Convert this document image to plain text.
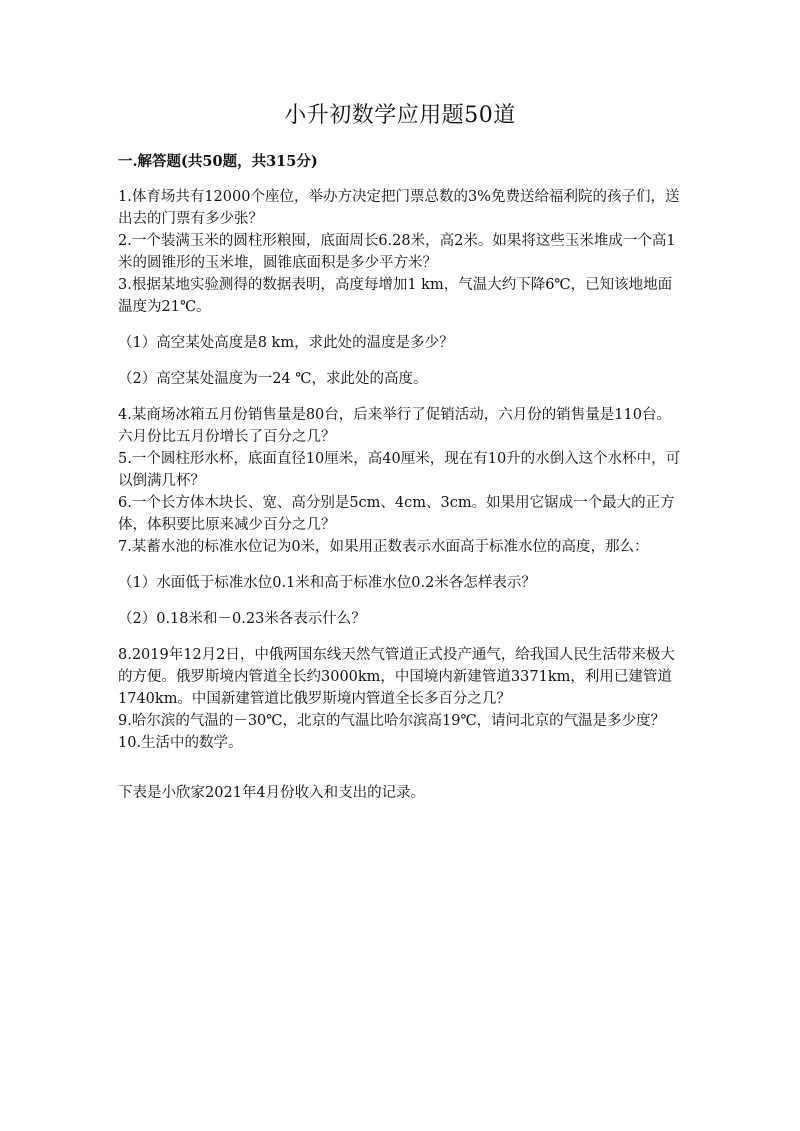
小升初数学应用题50道
一.解答题(共50题，共315分)

1.体育场共有12000个座位，举办方决定把门票总数的3%免费送给福利院的孩子们，送出去的门票有多少张？

2.一个装满玉米的圆柱形粮囤，底面周长6.28米，高2米。如果将这些玉米堆成一个高1米的圆锥形的玉米堆，圆锥底面积是多少平方米？

3.根据某地实验测得的数据表明，高度每增加1 km，气温大约下降6℃，已知该地地面温度为21℃。

（1）高空某处高度是8 km，求此处的温度是多少？

（2）高空某处温度为一24 ℃，求此处的高度。

4.某商场冰箱五月份销售量是80台，后来举行了促销活动，六月份的销售量是110台。六月份比五月份增长了百分之几？

5.一个圆柱形水杯，底面直径10厘米，高40厘米，现在有10升的水倒入这个水杯中，可以倒满几杯？

6.一个长方体木块长、宽、高分别是5cm、4cm、3cm。如果用它锯成一个最大的正方体，体积要比原来减少百分之几？

7.某蓄水池的标准水位记为0米，如果用正数表示水面高于标准水位的高度，那么：

（1）水面低于标准水位0.1米和高于标准水位0.2米各怎样表示？

（2）0.18米和－0.23米各表示什么？

8.2019年12月2日，中俄两国东线天然气管道正式投产通气，给我国人民生活带来极大的方便。俄罗斯境内管道全长约3000km，中国境内新建管道3371km，利用已建管道1740km。中国新建管道比俄罗斯境内管道全长多百分之几？

9.哈尔滨的气温的－30℃，北京的气温比哈尔滨高19℃，请问北京的气温是多少度？

10.生活中的数学。

下表是小欣家2021年4月份收入和支出的记录。
